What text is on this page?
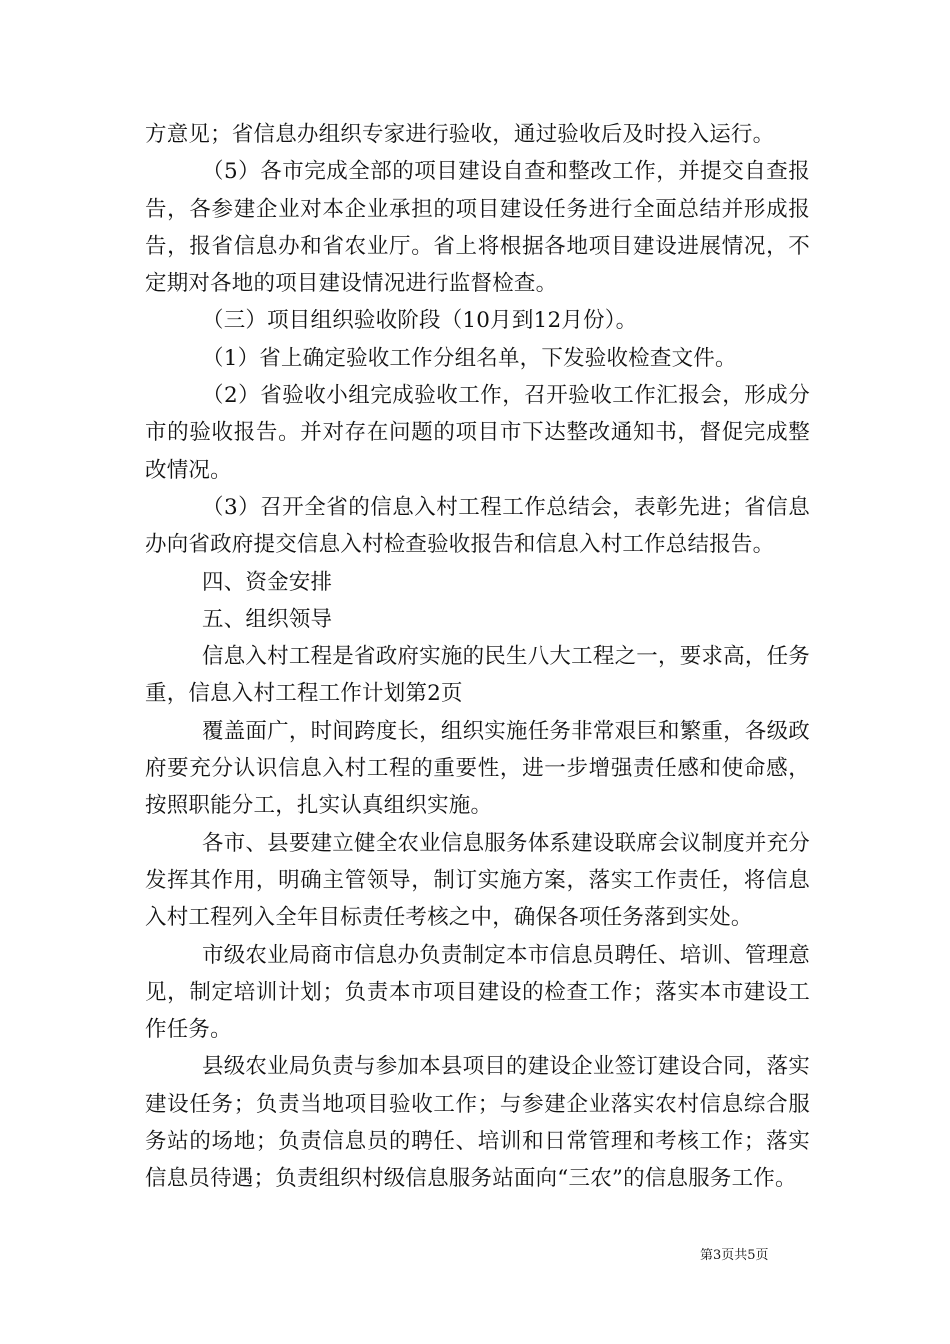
方意见；省信息办组织专家进行验收，通过验收后及时投入运行。

（5）各市完成全部的项目建设自查和整改工作，并提交自查报告，各参建企业对本企业承担的项目建设任务进行全面总结并形成报告，报省信息办和省农业厅。省上将根据各地项目建设进展情况，不定期对各地的项目建设情况进行监督检查。

（三）项目组织验收阶段（10月到12月份）。

（1）省上确定验收工作分组名单，下发验收检查文件。

（2）省验收小组完成验收工作，召开验收工作汇报会，形成分市的验收报告。并对存在问题的项目市下达整改通知书，督促完成整改情况。

（3）召开全省的信息入村工程工作总结会，表彰先进；省信息办向省政府提交信息入村检查验收报告和信息入村工作总结报告。

四、资金安排

五、组织领导

信息入村工程是省政府实施的民生八大工程之一，要求高，任务重，信息入村工程工作计划第2页

覆盖面广，时间跨度长，组织实施任务非常艰巨和繁重，各级政府要充分认识信息入村工程的重要性，进一步增强责任感和使命感，按照职能分工，扎实认真组织实施。

各市、县要建立健全农业信息服务体系建设联席会议制度并充分发挥其作用，明确主管领导，制订实施方案，落实工作责任，将信息入村工程列入全年目标责任考核之中，确保各项任务落到实处。

市级农业局商市信息办负责制定本市信息员聘任、培训、管理意见，制定培训计划；负责本市项目建设的检查工作；落实本市建设工作任务。

县级农业局负责与参加本县项目的建设企业签订建设合同，落实建设任务；负责当地项目验收工作；与参建企业落实农村信息综合服务站的场地；负责信息员的聘任、培训和日常管理和考核工作；落实信息员待遇；负责组织村级信息服务站面向“三农”的信息服务工作。

第3页共5页
